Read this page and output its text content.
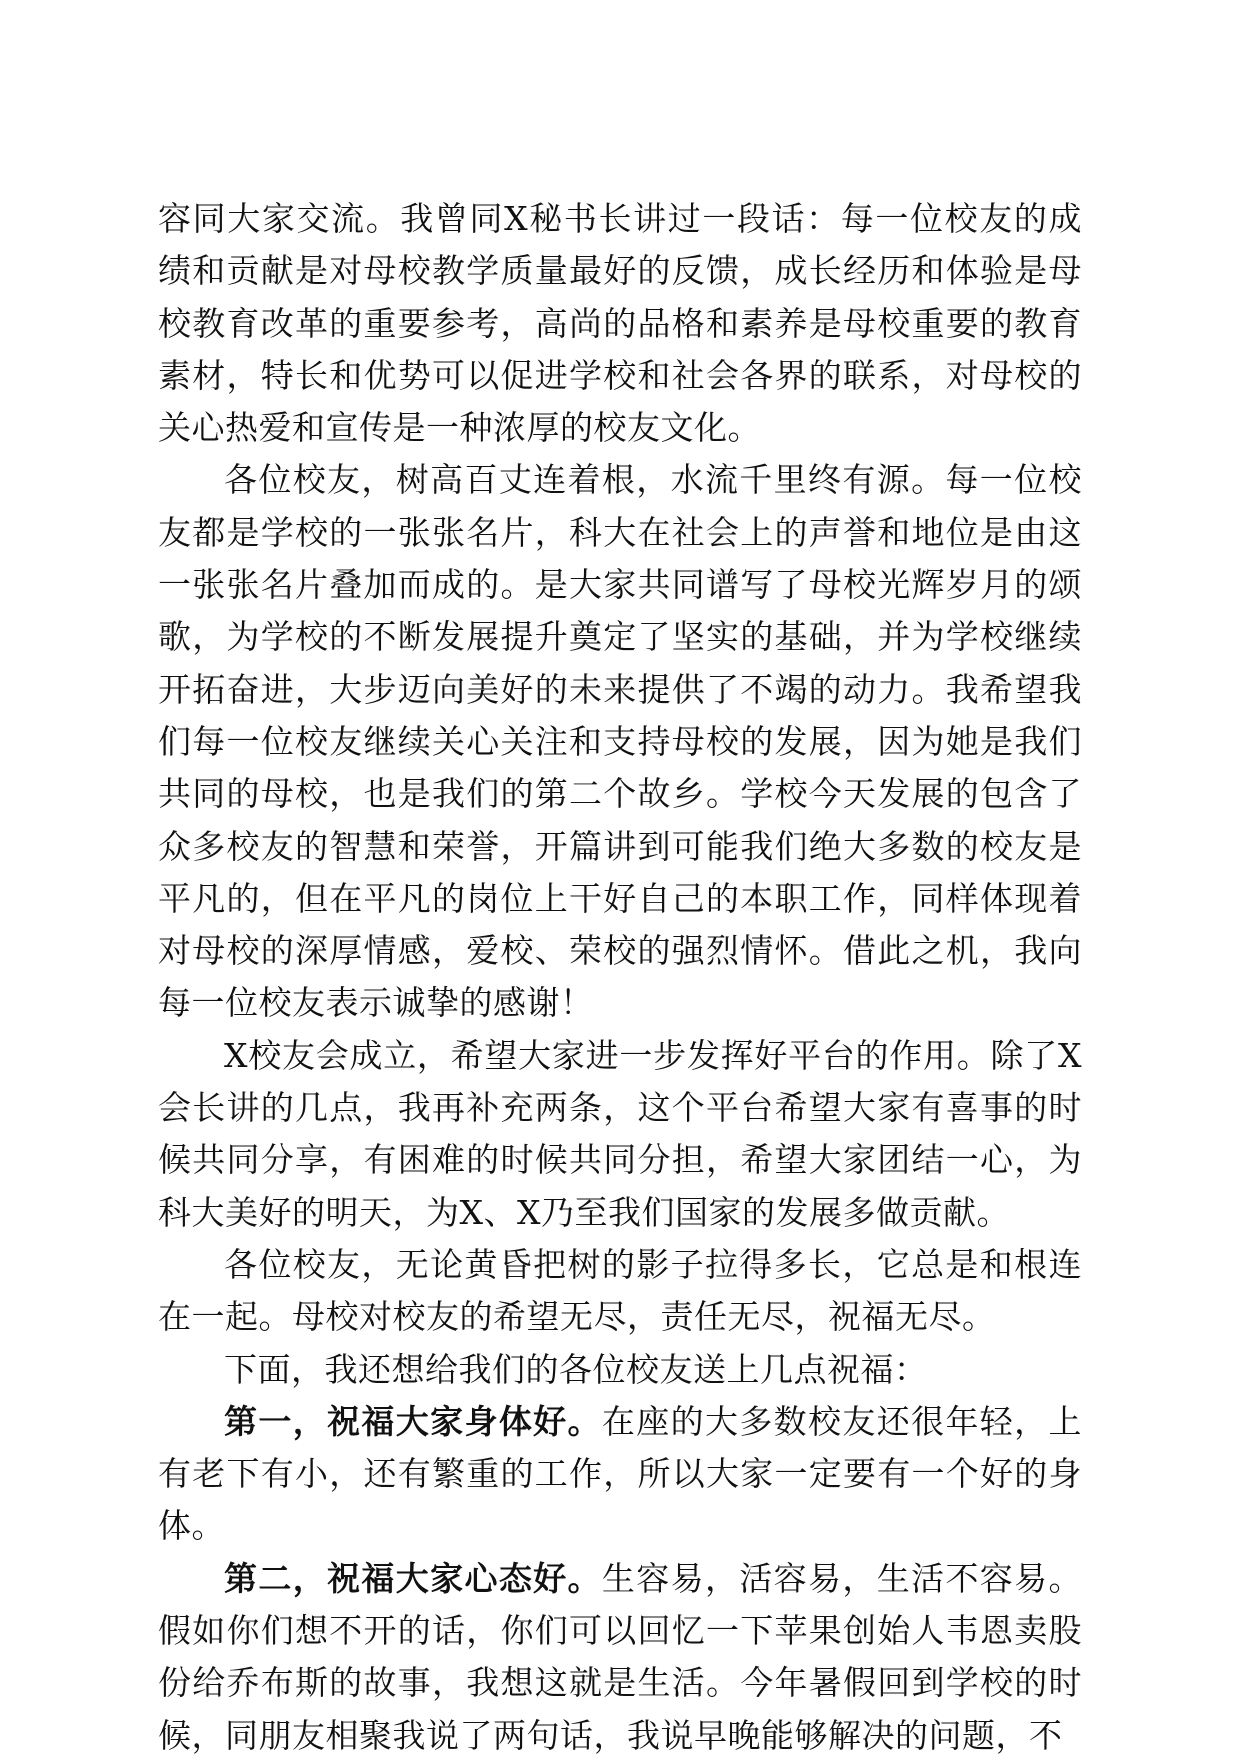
容同大家交流。我曾同X秘书长讲过一段话：每一位校友的成绩和贡献是对母校教学质量最好的反馈，成长经历和体验是母校教育改革的重要参考，高尚的品格和素养是母校重要的教育素材，特长和优势可以促进学校和社会各界的联系，对母校的关心热爱和宣传是一种浓厚的校友文化。

各位校友，树高百丈连着根，水流千里终有源。每一位校友都是学校的一张张名片，科大在社会上的声誉和地位是由这一张张名片叠加而成的。是大家共同谱写了母校光辉岁月的颂歌，为学校的不断发展提升奠定了坚实的基础，并为学校继续开拓奋进，大步迈向美好的未来提供了不竭的动力。我希望我们每一位校友继续关心关注和支持母校的发展，因为她是我们共同的母校，也是我们的第二个故乡。学校今天发展的包含了众多校友的智慧和荣誉，开篇讲到可能我们绝大多数的校友是平凡的，但在平凡的岗位上干好自己的本职工作，同样体现着对母校的深厚情感，爱校、荣校的强烈情怀。借此之机，我向每一位校友表示诚挚的感谢！

X校友会成立，希望大家进一步发挥好平台的作用。除了X会长讲的几点，我再补充两条，这个平台希望大家有喜事的时候共同分享，有困难的时候共同分担，希望大家团结一心，为科大美好的明天，为X、X乃至我们国家的发展多做贡献。

各位校友，无论黄昏把树的影子拉得多长，它总是和根连在一起。母校对校友的希望无尽，责任无尽，祝福无尽。

下面，我还想给我们的各位校友送上几点祝福：

第一，祝福大家身体好。在座的大多数校友还很年轻，上有老下有小，还有繁重的工作，所以大家一定要有一个好的身体。

第二，祝福大家心态好。生容易，活容易，生活不容易。假如你们想不开的话，你们可以回忆一下苹果创始人韦恩卖股份给乔布斯的故事，我想这就是生活。今年暑假回到学校的时候，同朋友相聚我说了两句话，我说早晚能够解决的问题，不
